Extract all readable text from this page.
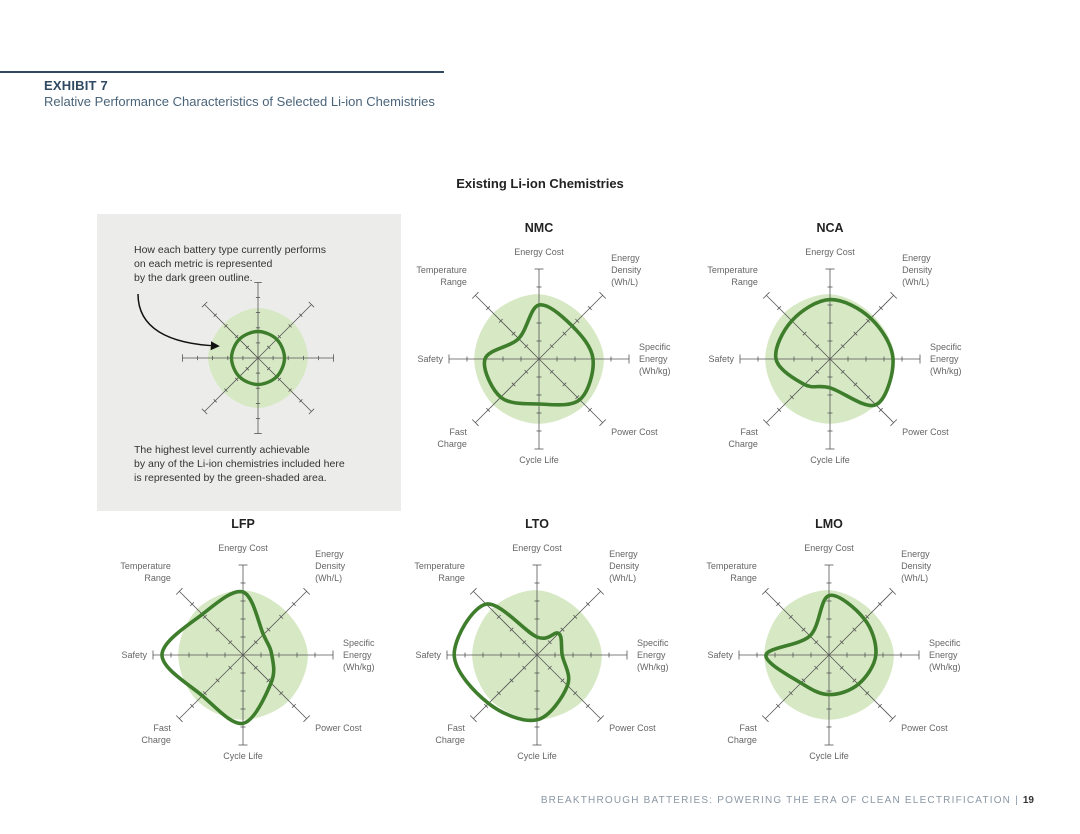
EXHIBIT 7
Relative Performance Characteristics of Selected Li-ion Chemistries
Existing Li-ion Chemistries
How each battery type currently performs
on each metric is represented
by the dark green outline.
The highest level currently achievable
by any of the Li-ion chemistries included here
is represented by the green-shaded area.
Energy Cost
Energy Density (Wh/L)
Specific Energy (Wh/kg)
Power Cost
Cycle Life
Fast Charge
Safety
Temperature Range
NMC
Energy Cost
Energy Density (Wh/L)
Specific Energy (Wh/kg)
Power Cost
Cycle Life
Fast Charge
Safety
Temperature Range
NCA
Energy Cost
Energy Density (Wh/L)
Specific Energy (Wh/kg)
Power Cost
Cycle Life
Fast Charge
Safety
Temperature Range
LFP
Energy Cost
Energy Density (Wh/L)
Specific Energy (Wh/kg)
Power Cost
Cycle Life
Fast Charge
Safety
Temperature Range
LTO
Energy Cost
Energy Density (Wh/L)
Specific Energy (Wh/kg)
Power Cost
Cycle Life
Fast Charge
Safety
Temperature Range
LMO
BREAKTHROUGH BATTERIES: POWERING THE ERA OF CLEAN ELECTRIFICATION | 19
